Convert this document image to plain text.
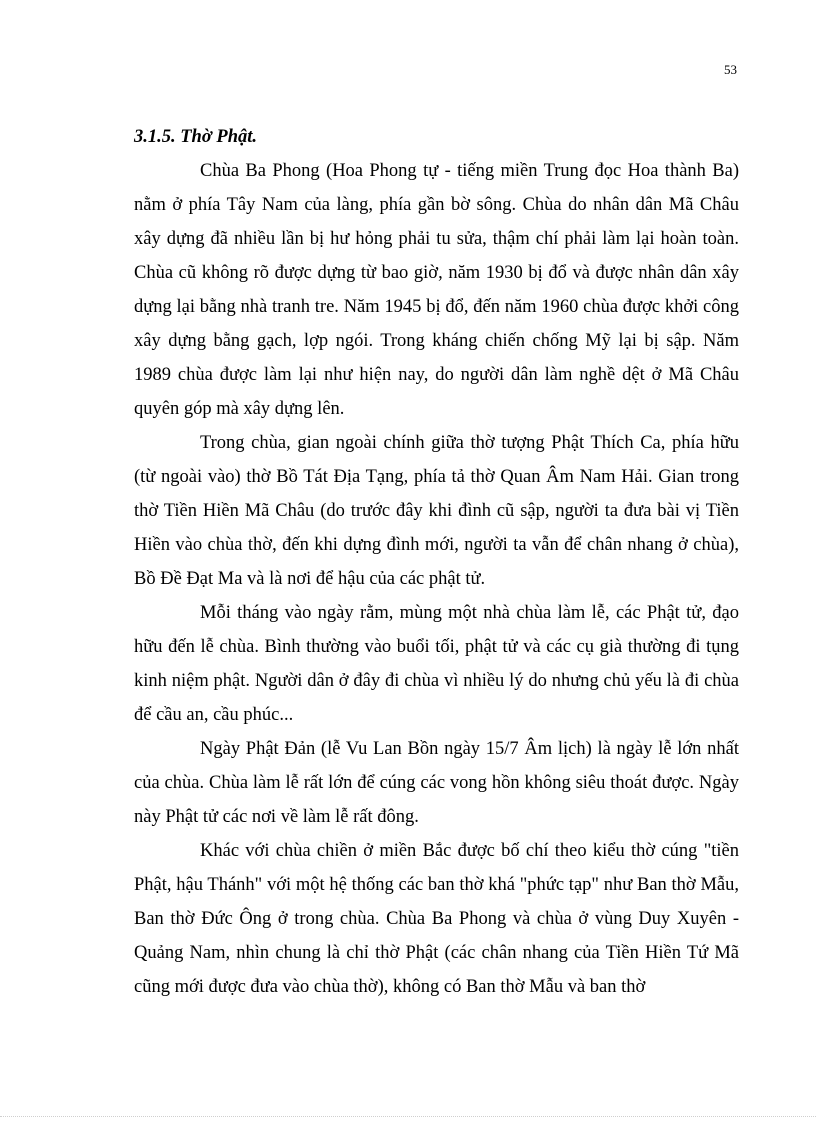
53

3.1.5. Thờ Phật.

Chùa Ba Phong (Hoa Phong tự - tiếng miền Trung đọc Hoa thành Ba) nằm ở phía Tây Nam của làng, phía gần bờ sông. Chùa do nhân dân Mã Châu xây dựng đã nhiều lần bị hư hỏng phải tu sửa, thậm chí phải làm lại hoàn toàn. Chùa cũ không rõ được dựng từ bao giờ, năm 1930 bị đổ và được nhân dân xây dựng lại bằng nhà tranh tre. Năm 1945 bị đổ, đến năm 1960 chùa được khởi công xây dựng bằng gạch, lợp ngói. Trong kháng chiến chống Mỹ lại bị sập. Năm 1989 chùa được làm lại như hiện nay, do người dân làm nghề dệt ở Mã Châu quyên góp mà xây dựng lên.

Trong chùa, gian ngoài chính giữa thờ tượng Phật Thích Ca, phía hữu (từ ngoài vào) thờ Bồ Tát Địa Tạng, phía tả thờ Quan Âm Nam Hải. Gian trong thờ Tiền Hiền Mã Châu (do trước đây khi đình cũ sập, người ta đưa bài vị Tiền Hiền vào chùa thờ, đến khi dựng đình mới, người ta vẫn để chân nhang ở chùa), Bồ Đề Đạt Ma và là nơi để hậu của các phật tử.

Mỗi tháng vào ngày rằm, mùng một nhà chùa làm lễ, các Phật tử, đạo hữu đến lễ chùa. Bình thường vào buổi tối, phật tử và các cụ già thường đi tụng kinh niệm phật. Người dân ở đây đi chùa vì nhiều lý do nhưng chủ yếu là đi chùa để cầu an, cầu phúc...

Ngày Phật Đản (lễ Vu Lan Bồn ngày 15/7 Âm lịch) là ngày lễ lớn nhất của chùa. Chùa làm lễ rất lớn để cúng các vong hồn không siêu thoát được. Ngày này Phật tử các nơi về làm lễ rất đông.

Khác với chùa chiền ở miền Bắc được bố chí theo kiểu thờ cúng "tiền Phật, hậu Thánh" với một hệ thống các ban thờ khá "phức tạp" như Ban thờ Mẫu, Ban thờ Đức Ông ở trong chùa. Chùa Ba Phong và chùa ở vùng Duy Xuyên - Quảng Nam, nhìn chung là chỉ thờ Phật (các chân nhang của Tiền Hiền Tứ Mã cũng mới được đưa vào chùa thờ), không có Ban thờ Mẫu và ban thờ
